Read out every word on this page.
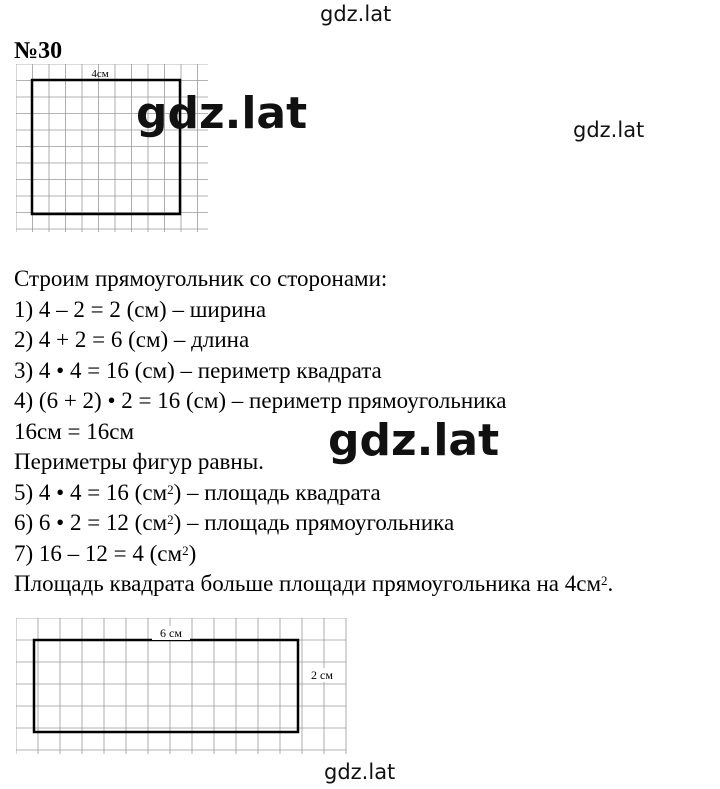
gdz.lat
gdz.lat
№30
4см
gdz.lat
Строим прямоугольник со сторонами:
1) 4 – 2 = 2 (см) – ширина
2) 4 + 2 = 6 (см) – длина
3) 4 • 4 = 16 (см) – периметр квадрата
4) (6 + 2) • 2 = 16 (см) – периметр прямоугольника
16см = 16см
Периметры фигур равны.
5) 4 • 4 = 16 $(см^2)$ – площадь квадрата
6) 6 • 2 = 12 $(см^2)$ – площадь прямоугольника
7) 16 – 12 = 4 $(см^2)$
Площадь квадрата больше площади прямоугольника на $4см^2$.
gdz.lat
6 см
2 см
gdz.lat
